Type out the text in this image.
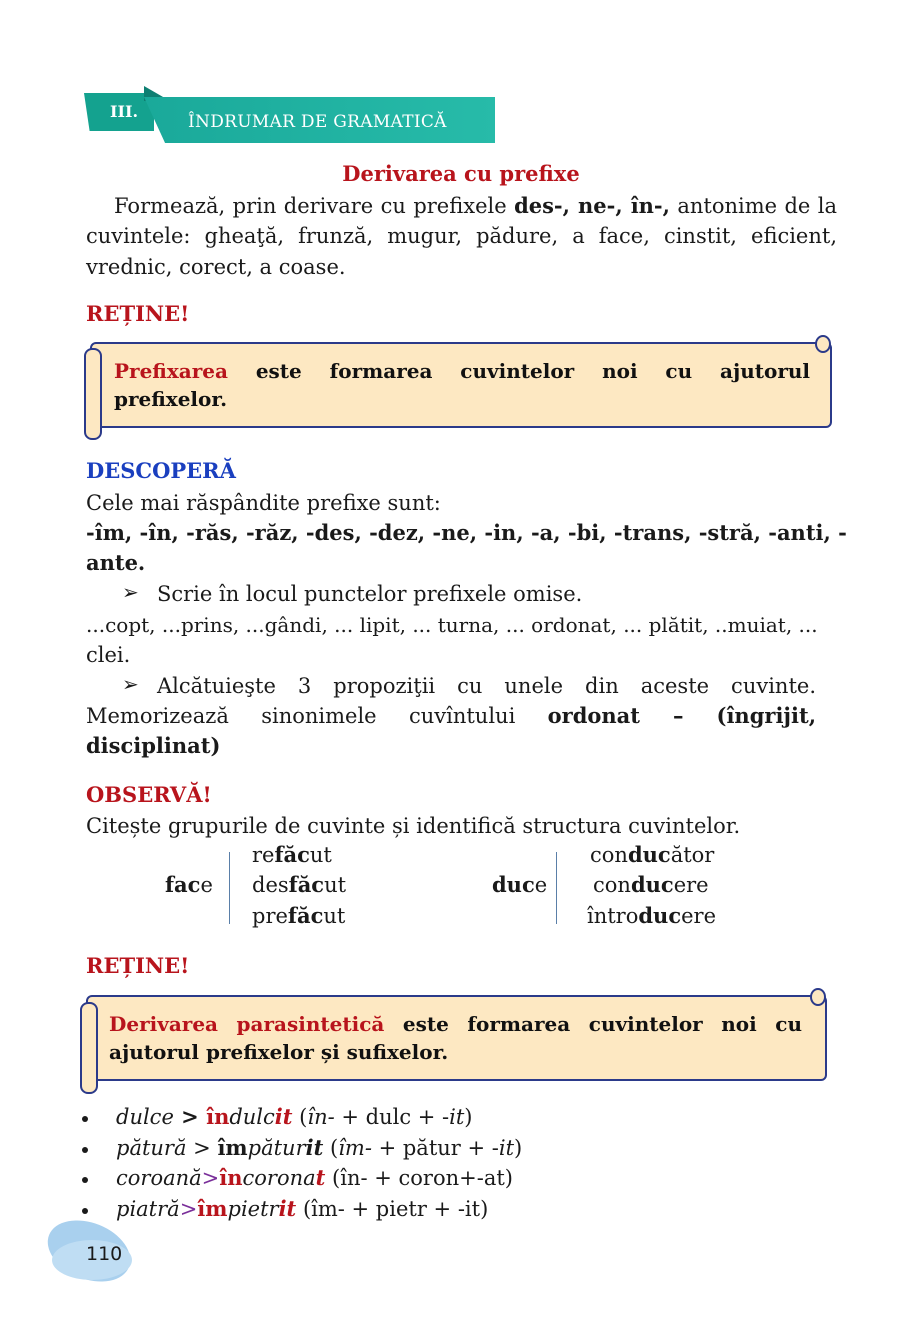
III.
ÎNDRUMAR DE GRAMATICĂ
Derivarea cu prefixe
Formează, prin derivare cu prefixele des-, ne-, în-, antonime de la
cuvintele: gheaţă, frunză, mugur, pădure, a face, cinstit, eficient,
vrednic, corect, a coase.
REȚINE!
Prefixarea este formarea cuvintelor noi cu ajutorul
prefixelor.
DESCOPERĂ
Cele mai răspândite prefixe sunt:
-îm, -în, -răs, -răz, -des, -dez, -ne, -in, -a, -bi, -trans, -stră, -anti, -
ante.
➢ Scrie în locul punctelor prefixele omise.
...copt, ...prins, ...gândi, ... lipit, ... turna, ... ordonat, ... plătit, ..muiat, ...
clei.
➢ Alcătuieşte 3 propoziţii cu unele din aceste cuvinte.
Memorizează sinonimele cuvîntului ordonat – (îngrijit,
disciplinat)
OBSERVĂ!
Citește grupurile de cuvinte și identifică structura cuvintelor.
face
refăcut
desfăcut
prefăcut
duce
conducător
conducere
întroducere
REȚINE!
Derivarea parasintetică este formarea cuvintelor noi cu
ajutorul prefixelor și sufixelor.
dulce > îndulcit (în- + dulc + -it)
pătură > împăturit (îm- + pătur + -it)
coroană>încoronat (în- + coron+-at)
piatră>împietrit (îm- + pietr + -it)
110
